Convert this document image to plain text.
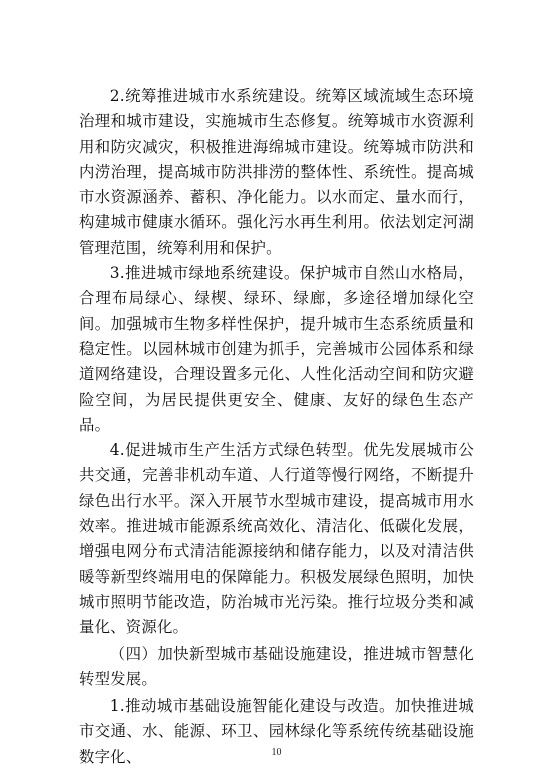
2.统筹推进城市水系统建设。统筹区域流域生态环境治理和城市建设，实施城市生态修复。统筹城市水资源利用和防灾减灾，积极推进海绵城市建设。统筹城市防洪和内涝治理，提高城市防洪排涝的整体性、系统性。提高城市水资源涵养、蓄积、净化能力。以水而定、量水而行，构建城市健康水循环。强化污水再生利用。依法划定河湖管理范围，统筹利用和保护。

3.推进城市绿地系统建设。保护城市自然山水格局，合理布局绿心、绿楔、绿环、绿廊，多途径增加绿化空间。加强城市生物多样性保护，提升城市生态系统质量和稳定性。以园林城市创建为抓手，完善城市公园体系和绿道网络建设，合理设置多元化、人性化活动空间和防灾避险空间，为居民提供更安全、健康、友好的绿色生态产品。

4.促进城市生产生活方式绿色转型。优先发展城市公共交通，完善非机动车道、人行道等慢行网络，不断提升绿色出行水平。深入开展节水型城市建设，提高城市用水效率。推进城市能源系统高效化、清洁化、低碳化发展，增强电网分布式清洁能源接纳和储存能力，以及对清洁供暖等新型终端用电的保障能力。积极发展绿色照明，加快城市照明节能改造，防治城市光污染。推行垃圾分类和减量化、资源化。

（四）加快新型城市基础设施建设，推进城市智慧化转型发展。

1.推动城市基础设施智能化建设与改造。加快推进城市交通、水、能源、环卫、园林绿化等系统传统基础设施数字化、	10
